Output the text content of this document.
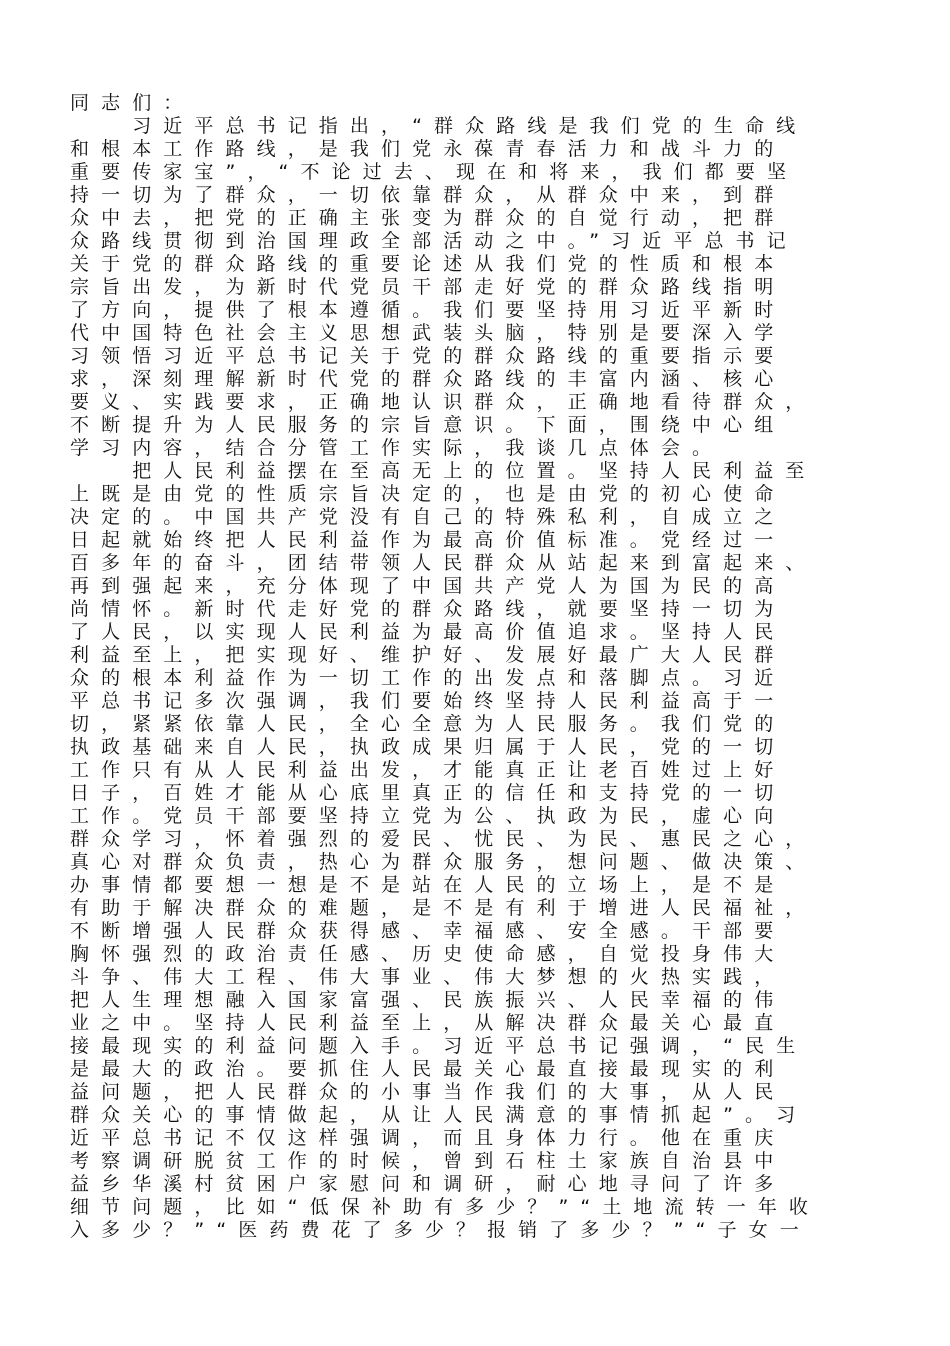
同志们：
　　习近平总书记指出，“群众路线是我们党的生命线
和根本工作路线，是我们党永葆青春活力和战斗力的
重要传家宝”，“不论过去、现在和将来，我们都要坚
持一切为了群众，一切依靠群众，从群众中来，到群
众中去，把党的正确主张变为群众的自觉行动，把群
众路线贯彻到治国理政全部活动之中。”习近平总书记
关于党的群众路线的重要论述从我们党的性质和根本
宗旨出发，为新时代党员干部走好党的群众路线指明
了方向，提供了根本遵循。我们要坚持用习近平新时
代中国特色社会主义思想武装头脑，特别是要深入学
习领悟习近平总书记关于党的群众路线的重要指示要
求，深刻理解新时代党的群众路线的丰富内涵、核心
要义、实践要求，正确地认识群众，正确地看待群众，
不断提升为人民服务的宗旨意识。下面，围绕中心组
学习内容，结合分管工作实际，我谈几点体会。
　　把人民利益摆在至高无上的位置。坚持人民利益至
上既是由党的性质宗旨决定的，也是由党的初心使命
决定的。中国共产党没有自己的特殊私利，自成立之
日起就始终把人民利益作为最高价值标准。党经过一
百多年的奋斗，团结带领人民群众从站起来到富起来、
再到强起来，充分体现了中国共产党人为国为民的高
尚情怀。新时代走好党的群众路线，就要坚持一切为
了人民，以实现人民利益为最高价值追求。坚持人民
利益至上，把实现好、维护好、发展好最广大人民群
众的根本利益作为一切工作的出发点和落脚点。习近
平总书记多次强调，我们要始终坚持人民利益高于一
切，紧紧依靠人民，全心全意为人民服务。我们党的
执政基础来自人民，执政成果归属于人民，党的一切
工作只有从人民利益出发，才能真正让老百姓过上好
日子，百姓才能从心底里真正的信任和支持党的一切
工作。党员干部要坚持立党为公、执政为民，虚心向
群众学习，怀着强烈的爱民、忧民、为民、惠民之心，
真心对群众负责，热心为群众服务，想问题、做决策、
办事情都要想一想是不是站在人民的立场上，是不是
有助于解决群众的难题，是不是有利于增进人民福祉，
不断增强人民群众获得感、幸福感、安全感。干部要
胸怀强烈的政治责任感、历史使命感，自觉投身伟大
斗争、伟大工程、伟大事业、伟大梦想的火热实践，
把人生理想融入国家富强、民族振兴、人民幸福的伟
业之中。坚持人民利益至上，从解决群众最关心最直
接最现实的利益问题入手。习近平总书记强调，“民生
是最大的政治。要抓住人民最关心最直接最现实的利
益问题，把人民群众的小事当作我们的大事，从人民
群众关心的事情做起，从让人民满意的事情抓起”。习
近平总书记不仅这样强调，而且身体力行。他在重庆
考察调研脱贫工作的时候，曾到石柱土家族自治县中
益乡华溪村贫困户家慰问和调研，耐心地寻问了许多
细节问题，比如“低保补助有多少？”“土地流转一年收
入多少？”“医药费花了多少？报销了多少？”“子女一
